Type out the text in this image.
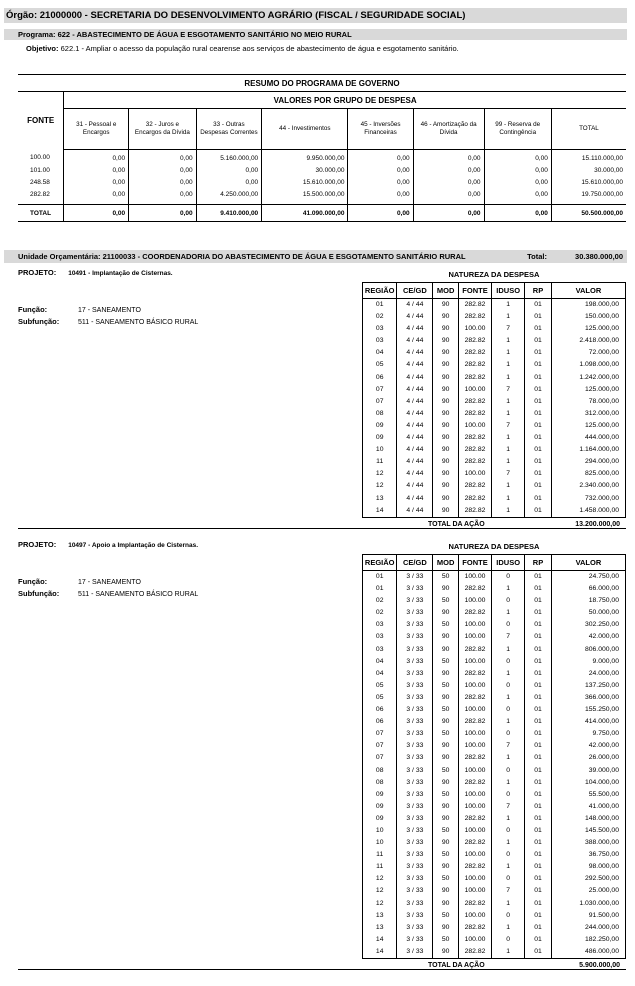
Órgão: 21000000 - SECRETARIA DO DESENVOLVIMENTO AGRÁRIO (FISCAL / SEGURIDADE SOCIAL)
Programa: 622 - ABASTECIMENTO DE ÁGUA E ESGOTAMENTO SANITÁRIO NO MEIO RURAL
Objetivo: 622.1 - Ampliar o acesso da população rural cearense aos serviços de abastecimento de água e esgotamento sanitário.
RESUMO DO PROGRAMA DE GOVERNO								
FONTE	VALORES POR GRUPO DE DESPESA							
	31 - Pessoal e Encargos	32 - Juros e Encargos da Dívida	33 - Outras Despesas Correntes	44 - Investimentos	45 - Inversões Financeiras	46 - Amortização da Dívida	99 - Reserva de Contingência	TOTAL
100.00	0,00	0,00	5.160.000,00	9.950.000,00	0,00	0,00	0,00	15.110.000,00
101.00	0,00	0,00	0,00	30.000,00	0,00	0,00	0,00	30.000,00
248.58	0,00	0,00	0,00	15.610.000,00	0,00	0,00	0,00	15.610.000,00
282.82	0,00	0,00	4.250.000,00	15.500.000,00	0,00	0,00	0,00	19.750.000,00
TOTAL	0,00	0,00	9.410.000,00	41.090.000,00	0,00	0,00	0,00	50.500.000,00
Unidade Orçamentária: 21100033 - COORDENADORIA DO ABASTECIMENTO DE ÁGUA E ESGOTAMENTO SANITÁRIO RURAL	Total:	30.380.000,00
PROJETO: 10491 - Implantação de Cisternas.
Função:	17 - SANEAMENTO
Subfunção:	511 - SANEAMENTO BÁSICO RURAL
NATUREZA DA DESPESA
REGIÃO	CE/GD	MOD	FONTE	IDUSO	RP	VALOR
01	4 / 44	90	282.82	1	01	198.000,00
02	4 / 44	90	282.82	1	01	150.000,00
03	4 / 44	90	100.00	7	01	125.000,00
03	4 / 44	90	282.82	1	01	2.418.000,00
04	4 / 44	90	282.82	1	01	72.000,00
05	4 / 44	90	282.82	1	01	1.098.000,00
06	4 / 44	90	282.82	1	01	1.242.000,00
07	4 / 44	90	100.00	7	01	125.000,00
07	4 / 44	90	282.82	1	01	78.000,00
08	4 / 44	90	282.82	1	01	312.000,00
09	4 / 44	90	100.00	7	01	125.000,00
09	4 / 44	90	282.82	1	01	444.000,00
10	4 / 44	90	282.82	1	01	1.164.000,00
11	4 / 44	90	282.82	1	01	294.000,00
12	4 / 44	90	100.00	7	01	825.000,00
12	4 / 44	90	282.82	1	01	2.340.000,00
13	4 / 44	90	282.82	1	01	732.000,00
14	4 / 44	90	282.82	1	01	1.458.000,00
TOTAL DA AÇÃO	13.200.000,00
PROJETO: 10497 - Apoio a Implantação de Cisternas.
Função:	17 - SANEAMENTO
Subfunção:	511 - SANEAMENTO BÁSICO RURAL
NATUREZA DA DESPESA
REGIÃO	CE/GD	MOD	FONTE	IDUSO	RP	VALOR
01	3 / 33	50	100.00	0	01	24.750,00
01	3 / 33	90	282.82	1	01	66.000,00
02	3 / 33	50	100.00	0	01	18.750,00
02	3 / 33	90	282.82	1	01	50.000,00
03	3 / 33	50	100.00	0	01	302.250,00
03	3 / 33	90	100.00	7	01	42.000,00
03	3 / 33	90	282.82	1	01	806.000,00
04	3 / 33	50	100.00	0	01	9.000,00
04	3 / 33	90	282.82	1	01	24.000,00
05	3 / 33	50	100.00	0	01	137.250,00
05	3 / 33	90	282.82	1	01	366.000,00
06	3 / 33	50	100.00	0	01	155.250,00
06	3 / 33	90	282.82	1	01	414.000,00
07	3 / 33	50	100.00	0	01	9.750,00
07	3 / 33	90	100.00	7	01	42.000,00
07	3 / 33	90	282.82	1	01	26.000,00
08	3 / 33	50	100.00	0	01	39.000,00
08	3 / 33	90	282.82	1	01	104.000,00
09	3 / 33	50	100.00	0	01	55.500,00
09	3 / 33	90	100.00	7	01	41.000,00
09	3 / 33	90	282.82	1	01	148.000,00
10	3 / 33	50	100.00	0	01	145.500,00
10	3 / 33	90	282.82	1	01	388.000,00
11	3 / 33	50	100.00	0	01	36.750,00
11	3 / 33	90	282.82	1	01	98.000,00
12	3 / 33	50	100.00	0	01	292.500,00
12	3 / 33	90	100.00	7	01	25.000,00
12	3 / 33	90	282.82	1	01	1.030.000,00
13	3 / 33	50	100.00	0	01	91.500,00
13	3 / 33	90	282.82	1	01	244.000,00
14	3 / 33	50	100.00	0	01	182.250,00
14	3 / 33	90	282.82	1	01	486.000,00
TOTAL DA AÇÃO	5.900.000,00
